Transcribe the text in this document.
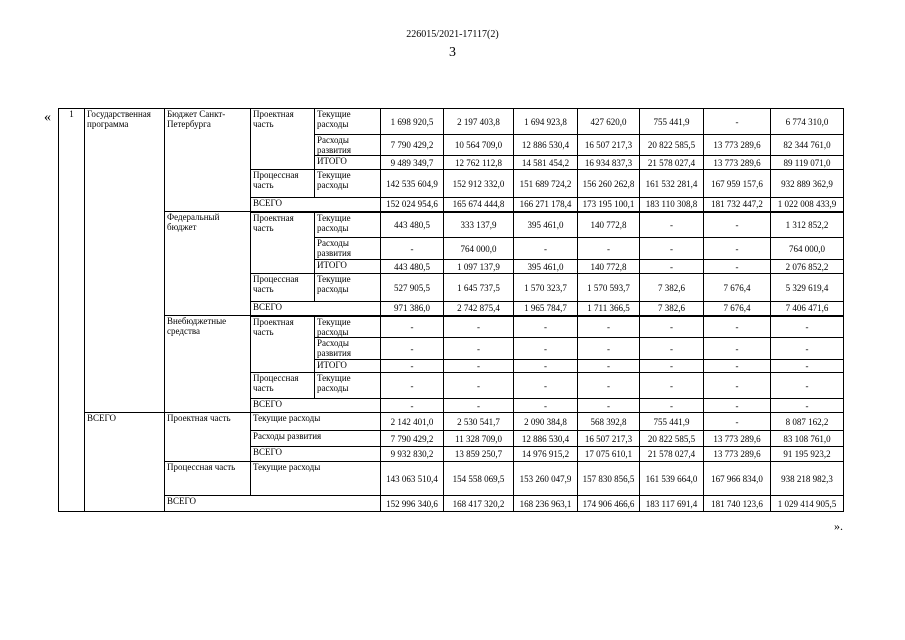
226015/2021-17117(2)
3
«
».
1	Государственная программа	Бюджет Санкт-Петербурга	Проектная часть	Текущие расходы	1 698 920,5	2 197 403,8	1 694 923,8	427 620,0	755 441,9	-	6 774 310,0
				Расходы развития	7 790 429,2	10 564 709,0	12 886 530,4	16 507 217,3	20 822 585,5	13 773 289,6	82 344 761,0
				ИТОГО	9 489 349,7	12 762 112,8	14 581 454,2	16 934 837,3	21 578 027,4	13 773 289,6	89 119 071,0
			Процессная часть	Текущие расходы	142 535 604,9	152 912 332,0	151 689 724,2	156 260 262,8	161 532 281,4	167 959 157,6	932 889 362,9
			ВСЕГО		152 024 954,6	165 674 444,8	166 271 178,4	173 195 100,1	183 110 308,8	181 732 447,2	1 022 008 433,9
		Федеральный бюджет	Проектная часть	Текущие расходы	443 480,5	333 137,9	395 461,0	140 772,8	-	-	1 312 852,2
				Расходы развития	-	764 000,0	-	-	-	-	764 000,0
				ИТОГО	443 480,5	1 097 137,9	395 461,0	140 772,8	-	-	2 076 852,2
			Процессная часть	Текущие расходы	527 905,5	1 645 737,5	1 570 323,7	1 570 593,7	7 382,6	7 676,4	5 329 619,4
			ВСЕГО		971 386,0	2 742 875,4	1 965 784,7	1 711 366,5	7 382,6	7 676,4	7 406 471,6
		Внебюджетные средства	Проектная часть	Текущие расходы	-	-	-	-	-	-	-
				Расходы развития	-	-	-	-	-	-	-
				ИТОГО	-	-	-	-	-	-	-
			Процессная часть	Текущие расходы	-	-	-	-	-	-	-
			ВСЕГО		-	-	-	-	-	-	-
	ВСЕГО	Проектная часть	Текущие расходы		2 142 401,0	2 530 541,7	2 090 384,8	568 392,8	755 441,9	-	8 087 162,2
			Расходы развития		7 790 429,2	11 328 709,0	12 886 530,4	16 507 217,3	20 822 585,5	13 773 289,6	83 108 761,0
			ВСЕГО		9 932 830,2	13 859 250,7	14 976 915,2	17 075 610,1	21 578 027,4	13 773 289,6	91 195 923,2
		Процессная часть	Текущие расходы		143 063 510,4	154 558 069,5	153 260 047,9	157 830 856,5	161 539 664,0	167 966 834,0	938 218 982,3

		ВСЕГО			152 996 340,6	168 417 320,2	168 236 963,1	174 906 466,6	183 117 691,4	181 740 123,6	1 029 414 905,5
